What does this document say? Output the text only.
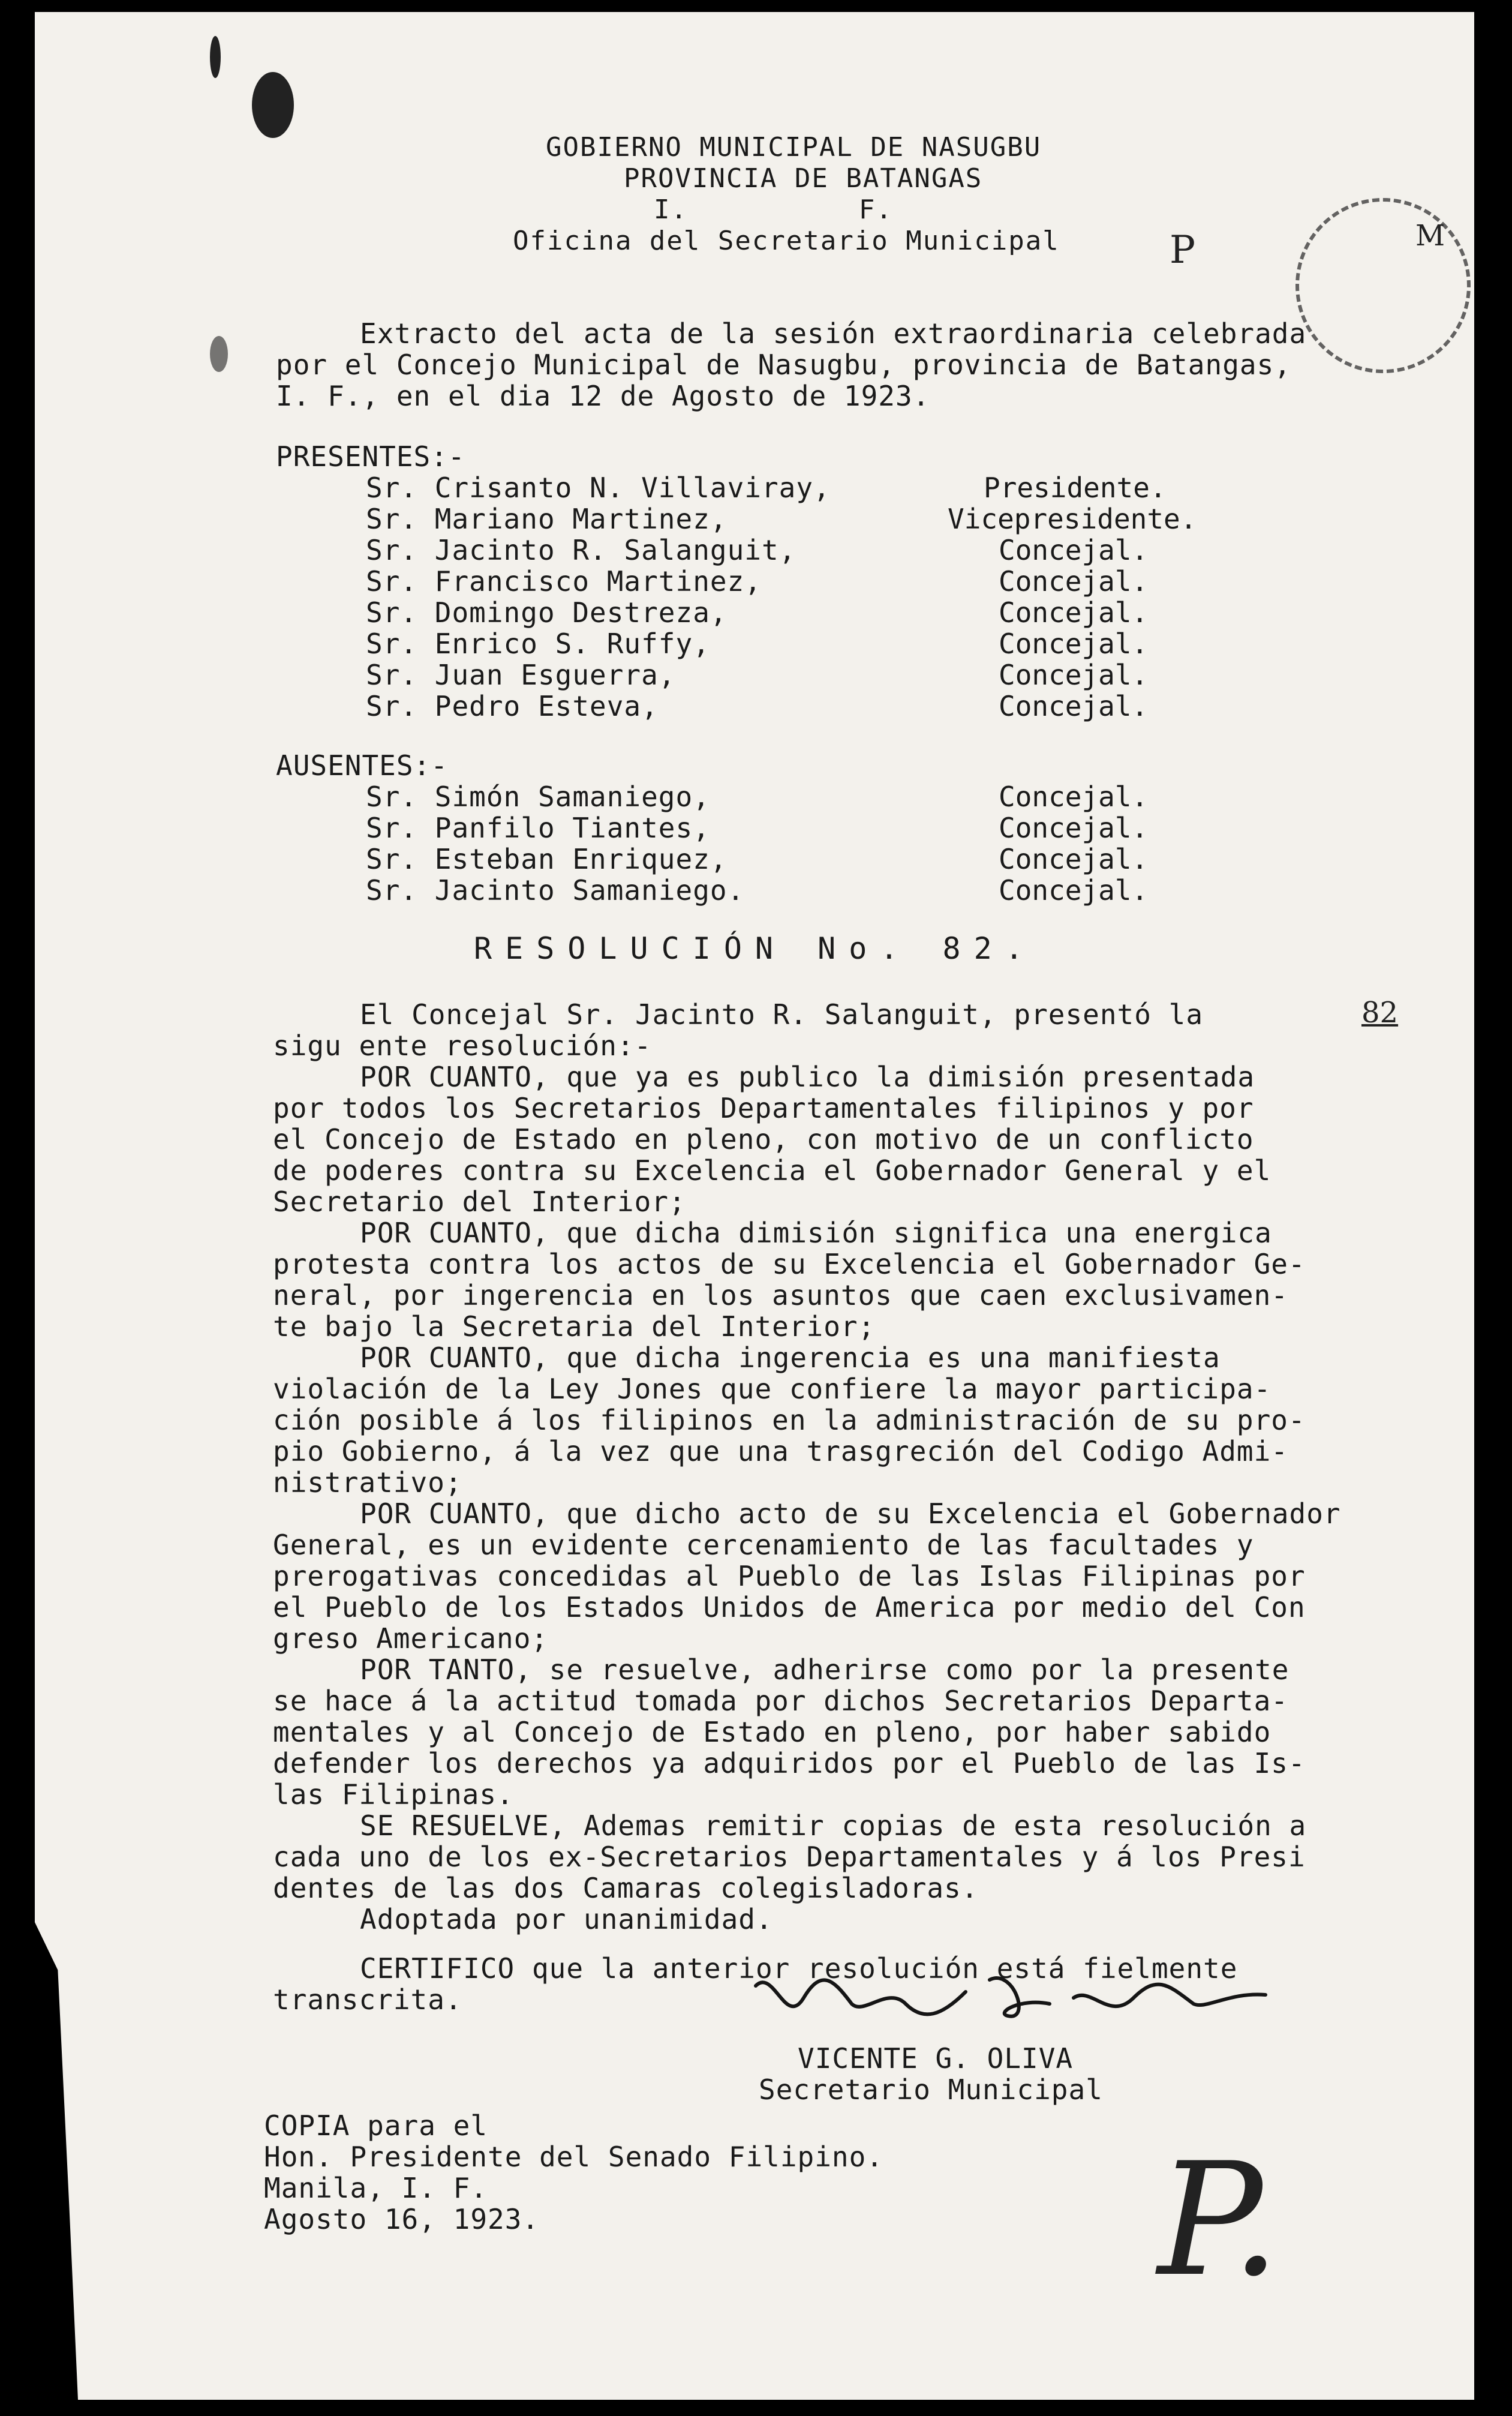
P	M
82
P.
GOBIERNO MUNICIPAL DE NASUGBU
PROVINCIA DE BATANGAS
I.          F.
Oficina del Secretario Municipal
Extracto del acta de la sesión extraordinaria celebrada
por el Concejo Municipal de Nasugbu, provincia de Batangas,
I. F., en el dia 12 de Agosto de 1923.
PRESENTES:-
Sr. Crisanto N. Villaviray,	Presidente.
Sr. Mariano Martinez,	Vicepresidente.
Sr. Jacinto R. Salanguit,	Concejal.
Sr. Francisco Martinez,	Concejal.
Sr. Domingo Destreza,	Concejal.
Sr. Enrico S. Ruffy,	Concejal.
Sr. Juan Esguerra,	Concejal.
Sr. Pedro Esteva,	Concejal.
AUSENTES:-
Sr. Simón Samaniego,	Concejal.
Sr. Panfilo Tiantes,	Concejal.
Sr. Esteban Enriquez,	Concejal.
Sr. Jacinto Samaniego.	Concejal.
RESOLUCIÓN No. 82.
El Concejal Sr. Jacinto R. Salanguit, presentó la
sigu ente resolución:-
POR CUANTO, que ya es publico la dimisión presentada
por todos los Secretarios Departamentales filipinos y por
el Concejo de Estado en pleno, con motivo de un conflicto
de poderes contra su Excelencia el Gobernador General y el
Secretario del Interior;
POR CUANTO, que dicha dimisión significa una energica
protesta contra los actos de su Excelencia el Gobernador Ge-
neral, por ingerencia en los asuntos que caen exclusivamen-
te bajo la Secretaria del Interior;
POR CUANTO, que dicha ingerencia es una manifiesta
violación de la Ley Jones que confiere la mayor participa-
ción posible á los filipinos en la administración de su pro-
pio Gobierno, á la vez que una trasgreción del Codigo Admi-
nistrativo;
POR CUANTO, que dicho acto de su Excelencia el Gobernador
General, es un evidente cercenamiento de las facultades y
prerogativas concedidas al Pueblo de las Islas Filipinas por
el Pueblo de los Estados Unidos de America por medio del Con
greso Americano;
POR TANTO, se resuelve, adherirse como por la presente
se hace á la actitud tomada por dichos Secretarios Departa-
mentales y al Concejo de Estado en pleno, por haber sabido
defender los derechos ya adquiridos por el Pueblo de las Is-
las Filipinas.
SE RESUELVE, Ademas remitir copias de esta resolución a
cada uno de los ex-Secretarios Departamentales y á los Presi
dentes de las dos Camaras colegisladoras.
Adoptada por unanimidad.
CERTIFICO que la anterior resolución está fielmente
transcrita.
VICENTE G. OLIVA
Secretario Municipal
COPIA para el
Hon. Presidente del Senado Filipino.
Manila, I. F.
Agosto 16, 1923.
